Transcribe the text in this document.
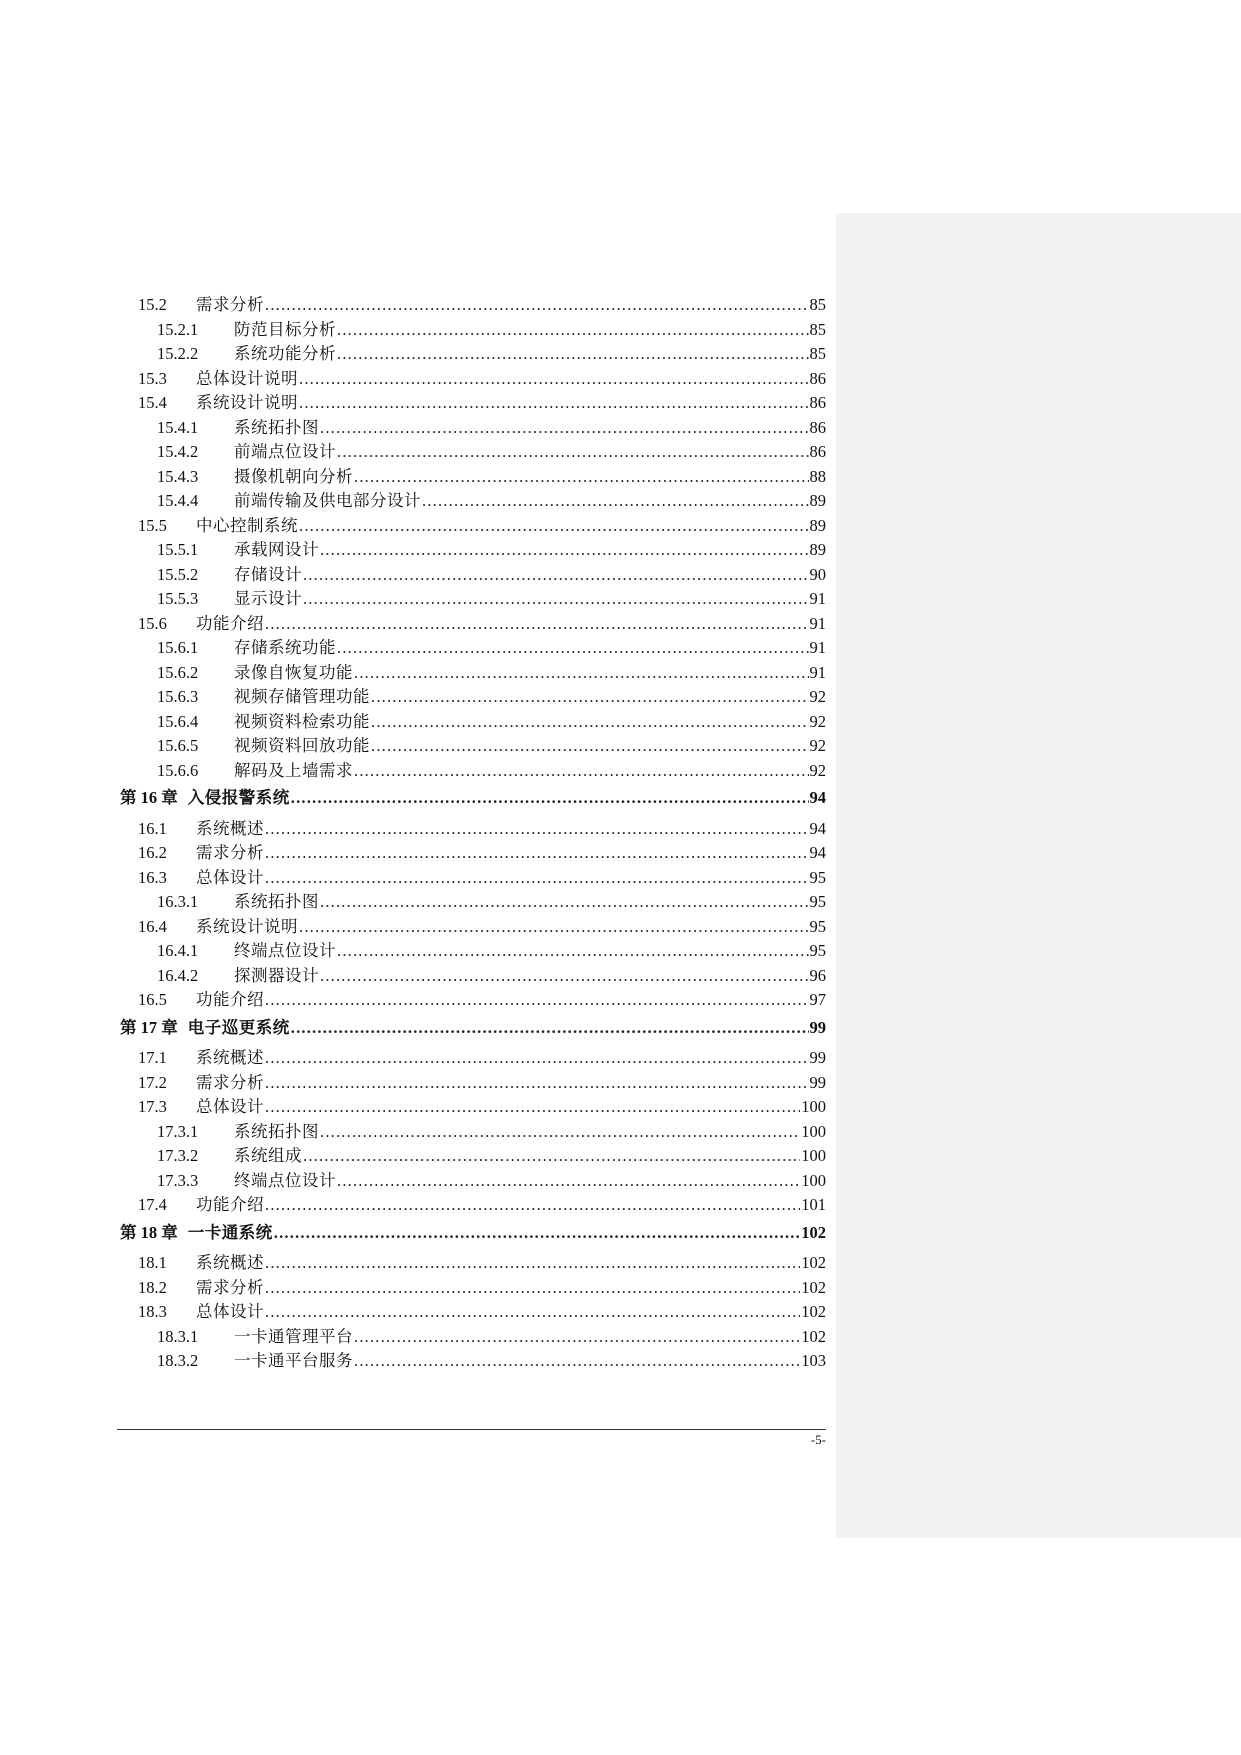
15.2	需求分析 .....	85
15.2.1	防范目标分析 .....	85
15.2.2	系统功能分析 .....	85
15.3	总体设计说明 .....	86
15.4	系统设计说明 .....	86
15.4.1	系统拓扑图 .....	86
15.4.2	前端点位设计 .....	86
15.4.3	摄像机朝向分析 .....	88
15.4.4	前端传输及供电部分设计 .....	89
15.5	中心控制系统 .....	89
15.5.1	承载网设计 .....	89
15.5.2	存储设计 .....	90
15.5.3	显示设计 .....	91
15.6	功能介绍 .....	91
15.6.1	存储系统功能 .....	91
15.6.2	录像自恢复功能 .....	91
15.6.3	视频存储管理功能 .....	92
15.6.4	视频资料检索功能 .....	92
15.6.5	视频资料回放功能 .....	92
15.6.6	解码及上墙需求 .....	92
第 16 章 入侵报警系统 .....	94
16.1	系统概述 .....	94
16.2	需求分析 .....	94
16.3	总体设计 .....	95
16.3.1	系统拓扑图 .....	95
16.4	系统设计说明 .....	95
16.4.1	终端点位设计 .....	95
16.4.2	探测器设计 .....	96
16.5	功能介绍 .....	97
第 17 章 电子巡更系统 .....	99
17.1	系统概述 .....	99
17.2	需求分析 .....	99
17.3	总体设计 .....	100
17.3.1	系统拓扑图 .....	100
17.3.2	系统组成 .....	100
17.3.3	终端点位设计 .....	100
17.4	功能介绍 .....	101
第 18 章 一卡通系统 .....	102
18.1	系统概述 .....	102
18.2	需求分析 .....	102
18.3	总体设计 .....	102
18.3.1	一卡通管理平台 .....	102
18.3.2	一卡通平台服务 .....	103
-5-
